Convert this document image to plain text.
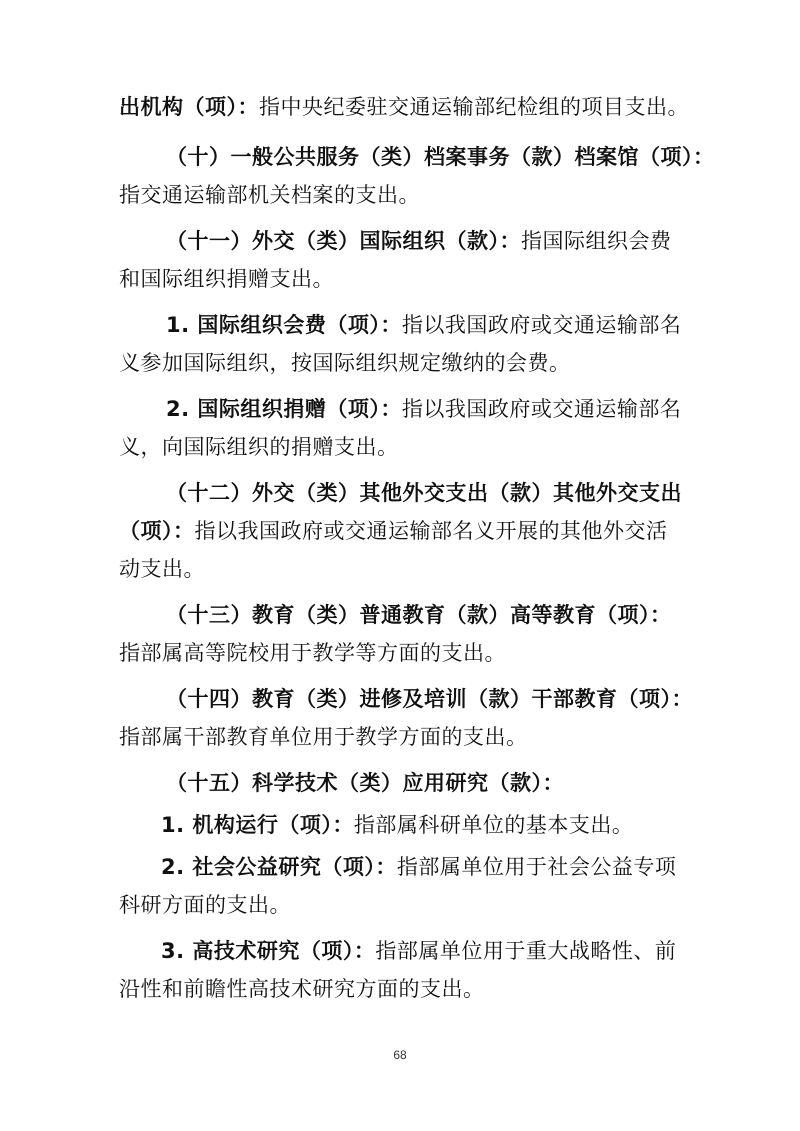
出机构（项）：指中央纪委驻交通运输部纪检组的项目支出。
（十）一般公共服务（类）档案事务（款）档案馆（项）：
指交通运输部机关档案的支出。
（十一）外交（类）国际组织（款）：指国际组织会费
和国际组织捐赠支出。
1. 国际组织会费（项）：指以我国政府或交通运输部名
义参加国际组织，按国际组织规定缴纳的会费。
2. 国际组织捐赠（项）：指以我国政府或交通运输部名
义，向国际组织的捐赠支出。
（十二）外交（类）其他外交支出（款）其他外交支出
（项）：指以我国政府或交通运输部名义开展的其他外交活
动支出。
（十三）教育（类）普通教育（款）高等教育（项）：
指部属高等院校用于教学等方面的支出。
（十四）教育（类）进修及培训（款）干部教育（项）：
指部属干部教育单位用于教学方面的支出。
（十五）科学技术（类）应用研究（款）：
1. 机构运行（项）：指部属科研单位的基本支出。
2. 社会公益研究（项）：指部属单位用于社会公益专项
科研方面的支出。
3. 高技术研究（项）：指部属单位用于重大战略性、前
沿性和前瞻性高技术研究方面的支出。
68
